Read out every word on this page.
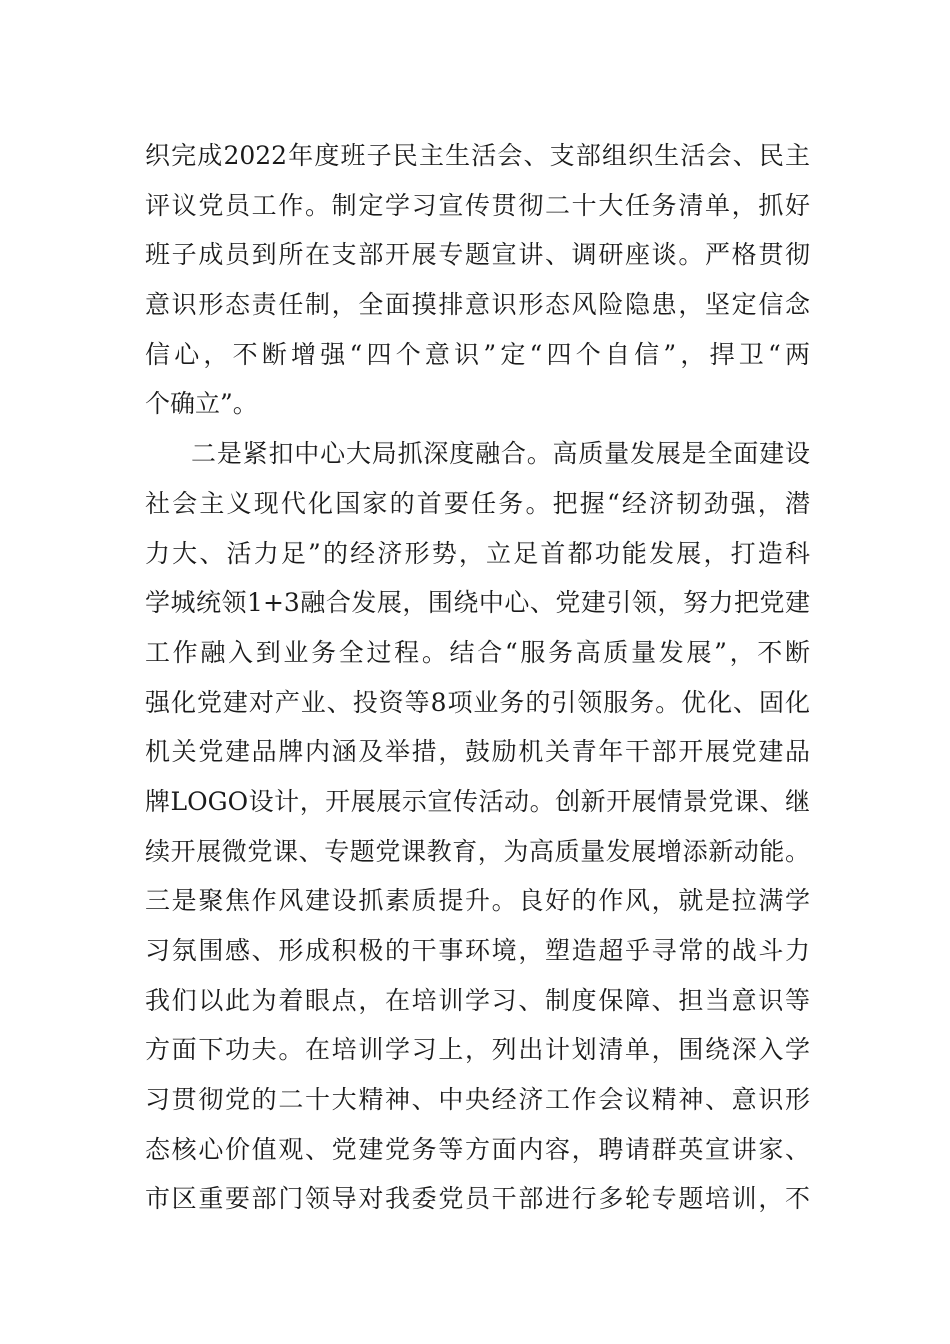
织完成2022年度班子民主生活会、支部组织生活会、民主
评议党员工作。制定学习宣传贯彻二十大任务清单，抓好
班子成员到所在支部开展专题宣讲、调研座谈。严格贯彻
意识形态责任制，全面摸排意识形态风险隐患，坚定信念
信心，不断增强“四个意识”定“四个自信”，捍卫“两
个确立”。
二是紧扣中心大局抓深度融合。高质量发展是全面建设
社会主义现代化国家的首要任务。把握“经济韧劲强，潜
力大、活力足”的经济形势，立足首都功能发展，打造科
学城统领1+3融合发展，围绕中心、党建引领，努力把党建
工作融入到业务全过程。结合“服务高质量发展”，不断
强化党建对产业、投资等8项业务的引领服务。优化、固化
机关党建品牌内涵及举措，鼓励机关青年干部开展党建品
牌LOGO设计，开展展示宣传活动。创新开展情景党课、继
续开展微党课、专题党课教育，为高质量发展增添新动能。
三是聚焦作风建设抓素质提升。良好的作风，就是拉满学
习氛围感、形成积极的干事环境，塑造超乎寻常的战斗力
我们以此为着眼点，在培训学习、制度保障、担当意识等
方面下功夫。在培训学习上，列出计划清单，围绕深入学
习贯彻党的二十大精神、中央经济工作会议精神、意识形
态核心价值观、党建党务等方面内容，聘请群英宣讲家、
市区重要部门领导对我委党员干部进行多轮专题培训，不
